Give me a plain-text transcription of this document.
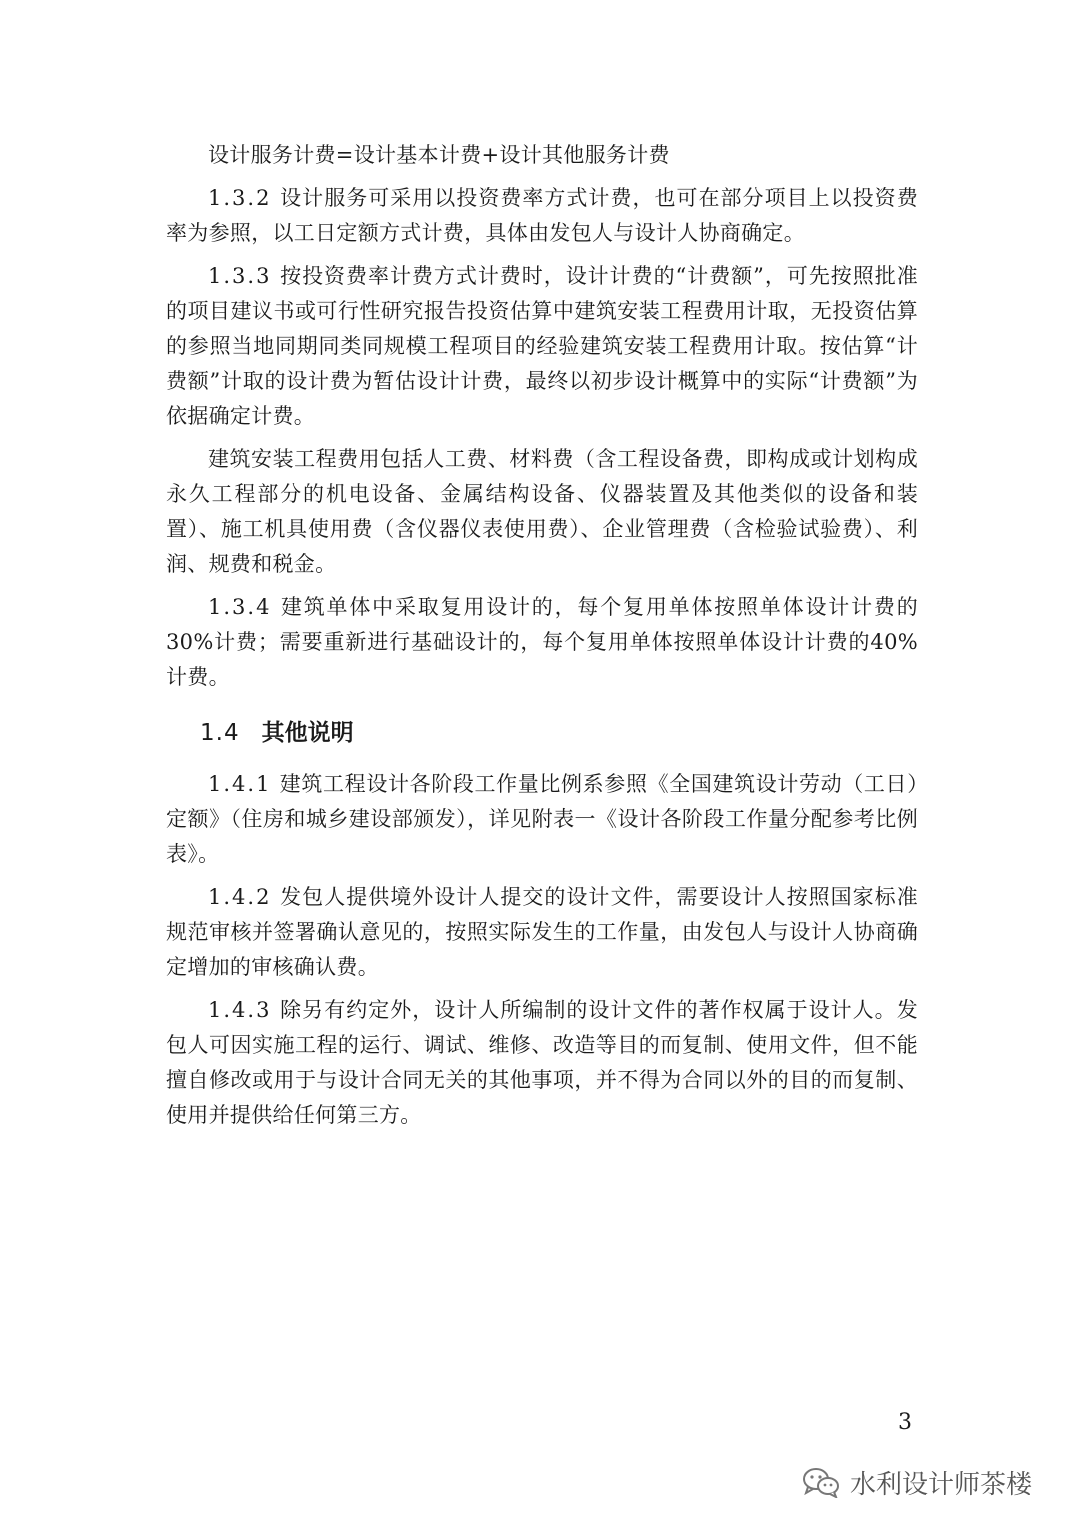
设计服务计费=设计基本计费+设计其他服务计费

1.3.2 设计服务可采用以投资费率方式计费，也可在部分项目上以投资费率为参照，以工日定额方式计费，具体由发包人与设计人协商确定。

1.3.3 按投资费率计费方式计费时，设计计费的“计费额”，可先按照批准的项目建议书或可行性研究报告投资估算中建筑安装工程费用计取，无投资估算的参照当地同期同类同规模工程项目的经验建筑安装工程费用计取。按估算“计费额”计取的设计费为暂估设计计费，最终以初步设计概算中的实际“计费额”为依据确定计费。

建筑安装工程费用包括人工费、材料费（含工程设备费，即构成或计划构成永久工程部分的机电设备、金属结构设备、仪器装置及其他类似的设备和装置）、施工机具使用费（含仪器仪表使用费）、企业管理费（含检验试验费）、利润、规费和税金。

1.3.4 建筑单体中采取复用设计的，每个复用单体按照单体设计计费的30%计费；需要重新进行基础设计的，每个复用单体按照单体设计计费的40%计费。

1.4 其他说明

1.4.1 建筑工程设计各阶段工作量比例系参照《全国建筑设计劳动（工日）定额》（住房和城乡建设部颁发），详见附表一《设计各阶段工作量分配参考比例表》。

1.4.2 发包人提供境外设计人提交的设计文件，需要设计人按照国家标准规范审核并签署确认意见的，按照实际发生的工作量，由发包人与设计人协商确定增加的审核确认费。

1.4.3 除另有约定外，设计人所编制的设计文件的著作权属于设计人。发包人可因实施工程的运行、调试、维修、改造等目的而复制、使用文件，但不能擅自修改或用于与设计合同无关的其他事项，并不得为合同以外的目的而复制、使用并提供给任何第三方。

3
水利设计师茶楼
